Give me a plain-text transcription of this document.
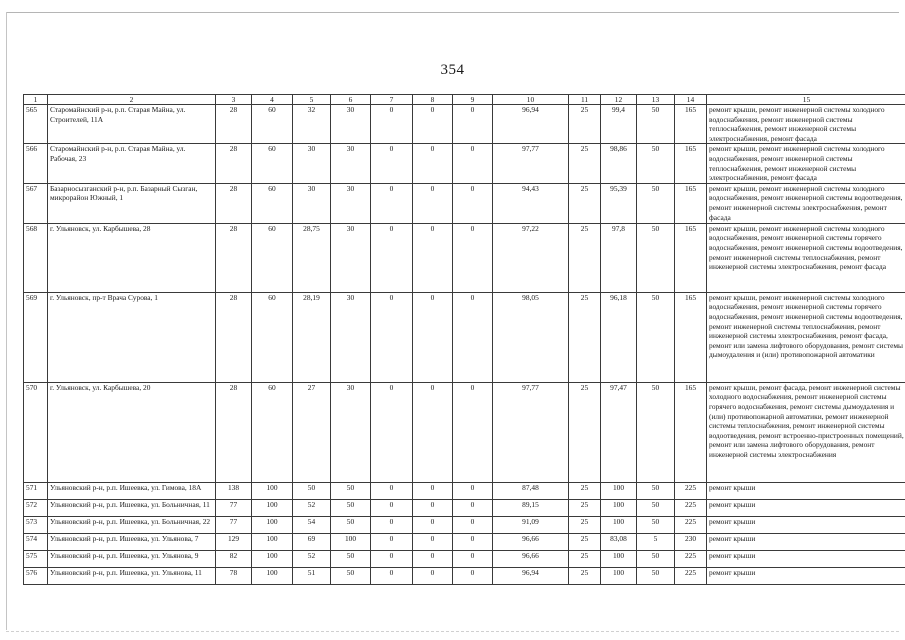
354
1	2	3	4	5	6	7	8	9	10	11	12	13	14	15
565	Старомайнский р-н, р.п. Старая Майна, ул. Строителей, 11А	28	60	32	30	0	0	0	96,94	25	99,4	50	165	ремонт крыши, ремонт инженерной системы холодного водоснабжения, ремонт инженерной системы теплоснабжения, ремонт инженерной системы электроснабжения, ремонт фасада
566	Старомайнский р-н, р.п. Старая Майна, ул. Рабочая, 23	28	60	30	30	0	0	0	97,77	25	98,86	50	165	ремонт крыши, ремонт инженерной системы холодного водоснабжения, ремонт инженерной системы теплоснабжения, ремонт инженерной системы электроснабжения, ремонт фасада
567	Базарносызганский р-н, р.п. Базарный Сызган, микрорайон Южный, 1	28	60	30	30	0	0	0	94,43	25	95,39	50	165	ремонт крыши, ремонт инженерной системы холодного водоснабжения, ремонт инженерной системы водоотведения, ремонт инженерной системы электроснабжения, ремонт фасада
568	г. Ульяновск, ул. Карбышева, 28	28	60	28,75	30	0	0	0	97,22	25	97,8	50	165	ремонт крыши, ремонт инженерной системы холодного водоснабжения, ремонт инженерной системы горячего водоснабжения, ремонт инженерной системы водоотведения, ремонт инженерной системы теплоснабжения, ремонт инженерной системы электроснабжения, ремонт фасада
569	г. Ульяновск, пр-т Врача Сурова, 1	28	60	28,19	30	0	0	0	98,05	25	96,18	50	165	ремонт крыши, ремонт инженерной системы холодного водоснабжения, ремонт инженерной системы горячего водоснабжения, ремонт инженерной системы водоотведения, ремонт инженерной системы теплоснабжения, ремонт инженерной системы электроснабжения, ремонт фасада, ремонт или замена лифтового оборудования, ремонт системы дымоудаления и (или) противопожарной автоматики
570	г. Ульяновск, ул. Карбышева, 20	28	60	27	30	0	0	0	97,77	25	97,47	50	165	ремонт крыши, ремонт фасада, ремонт инженерной системы холодного водоснабжения, ремонт инженерной системы горячего водоснабжения, ремонт системы дымоудаления и (или) противопожарной автоматики, ремонт инженерной системы теплоснабжения, ремонт инженерной системы водоотведения, ремонт встроенно-пристроенных помещений, ремонт или замена лифтового оборудования, ремонт инженерной системы электроснабжения
571	Ульяновский р-н, р.п. Ишеевка, ул. Гимова, 18А	138	100	50	50	0	0	0	87,48	25	100	50	225	ремонт крыши
572	Ульяновский р-н, р.п. Ишеевка, ул. Больничная, 11	77	100	52	50	0	0	0	89,15	25	100	50	225	ремонт крыши
573	Ульяновский р-н, р.п. Ишеевка, ул. Больничная, 22	77	100	54	50	0	0	0	91,09	25	100	50	225	ремонт крыши
574	Ульяновский р-н, р.п. Ишеевка, ул. Ульянова, 7	129	100	69	100	0	0	0	96,66	25	83,08	5	230	ремонт крыши
575	Ульяновский р-н, р.п. Ишеевка, ул. Ульянова, 9	82	100	52	50	0	0	0	96,66	25	100	50	225	ремонт крыши
576	Ульяновский р-н, р.п. Ишеевка, ул. Ульянова, 11	78	100	51	50	0	0	0	96,94	25	100	50	225	ремонт крыши
